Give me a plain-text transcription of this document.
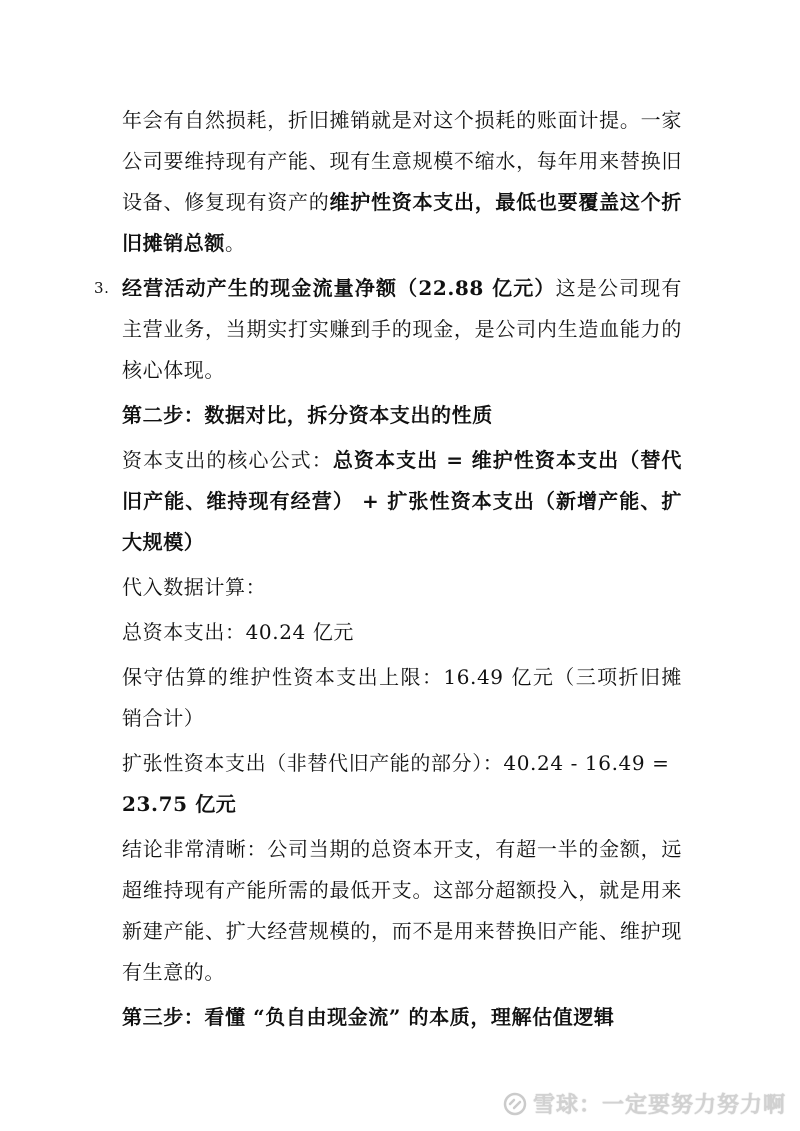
年会有自然损耗，折旧摊销就是对这个损耗的账面计提。一家公司要维持现有产能、现有生意规模不缩水，每年用来替换旧设备、修复现有资产的维护性资本支出，最低也要覆盖这个折旧摊销总额。

3. 经营活动产生的现金流量净额（22.88 亿元）这是公司现有主营业务，当期实打实赚到手的现金，是公司内生造血能力的核心体现。

第二步：数据对比，拆分资本支出的性质

资本支出的核心公式：总资本支出 = 维护性资本支出（替代旧产能、维持现有经营） + 扩张性资本支出（新增产能、扩大规模）

代入数据计算：

总资本支出：40.24 亿元

保守估算的维护性资本支出上限：16.49 亿元（三项折旧摊销合计）

扩张性资本支出（非替代旧产能的部分）：40.24 - 16.49 =
23.75 亿元

结论非常清晰：公司当期的总资本开支，有超一半的金额，远超维持现有产能所需的最低开支。这部分超额投入，就是用来新建产能、扩大经营规模的，而不是用来替换旧产能、维护现有生意的。

第三步：看懂 “负自由现金流” 的本质，理解估值逻辑

雪球：一定要努力努力啊
